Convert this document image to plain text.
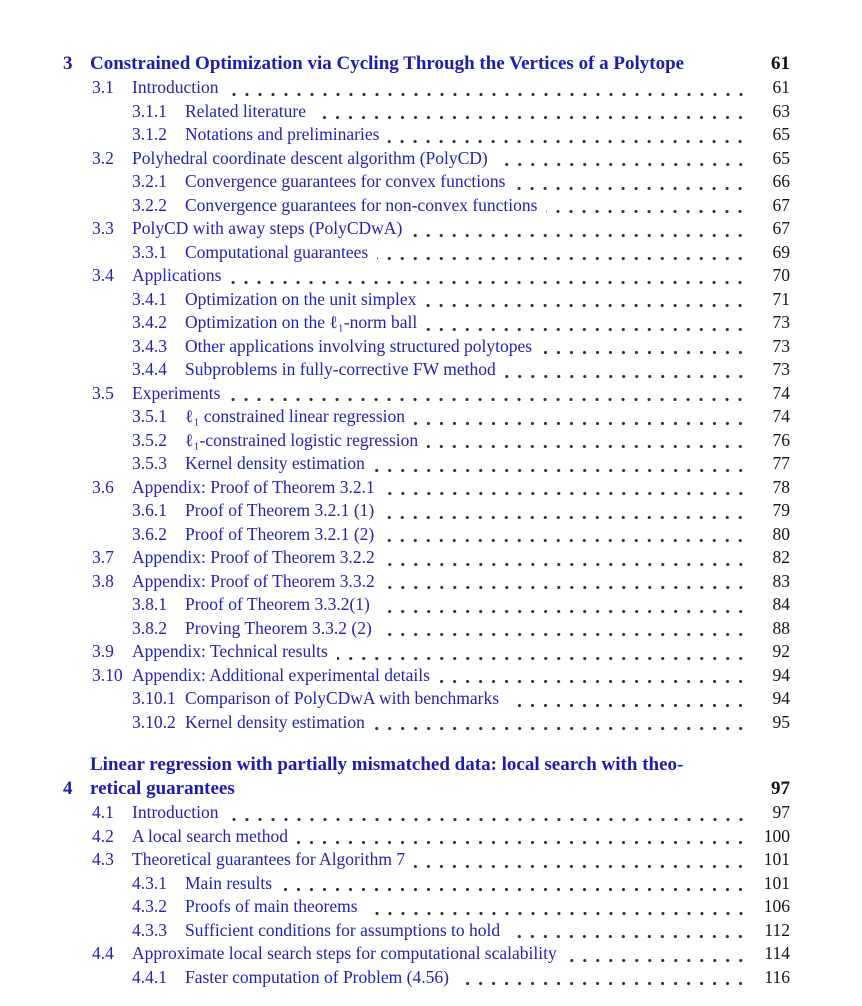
3 Constrained Optimization via Cycling Through the Vertices of a Polytope	61
3.1	Introduction	61
3.1.1	Related literature	63
3.1.2	Notations and preliminaries	65
3.2	Polyhedral coordinate descent algorithm (PolyCD)	65
3.2.1	Convergence guarantees for convex functions	66
3.2.2	Convergence guarantees for non-convex functions	67
3.3	PolyCD with away steps (PolyCDwA)	67
3.3.1	Computational guarantees	69
3.4	Applications	70
3.4.1	Optimization on the unit simplex	71
3.4.2	Optimization on the ℓ₁-norm ball	73
3.4.3	Other applications involving structured polytopes	73
3.4.4	Subproblems in fully-corrective FW method	73
3.5	Experiments	74
3.5.1	ℓ₁ constrained linear regression	74
3.5.2	ℓ₁-constrained logistic regression	76
3.5.3	Kernel density estimation	77
3.6	Appendix: Proof of Theorem 3.2.1	78
3.6.1	Proof of Theorem 3.2.1 (1)	79
3.6.2	Proof of Theorem 3.2.1 (2)	80
3.7	Appendix: Proof of Theorem 3.2.2	82
3.8	Appendix: Proof of Theorem 3.3.2	83
3.8.1	Proof of Theorem 3.3.2(1)	84
3.8.2	Proving Theorem 3.3.2 (2)	88
3.9	Appendix: Technical results	92
3.10 Appendix: Additional experimental details	94
3.10.1 Comparison of PolyCDwA with benchmarks	94
3.10.2 Kernel density estimation	95
4
Linear regression with partially mismatched data: local search with theo-
retical guarantees	97
4.1	Introduction	97
4.2	A local search method	100
4.3	Theoretical guarantees for Algorithm 7	101
4.3.1	Main results	101
4.3.2	Proofs of main theorems	106
4.3.3	Sufficient conditions for assumptions to hold	112
4.4	Approximate local search steps for computational scalability	114
4.4.1	Faster computation of Problem (4.56)	116
